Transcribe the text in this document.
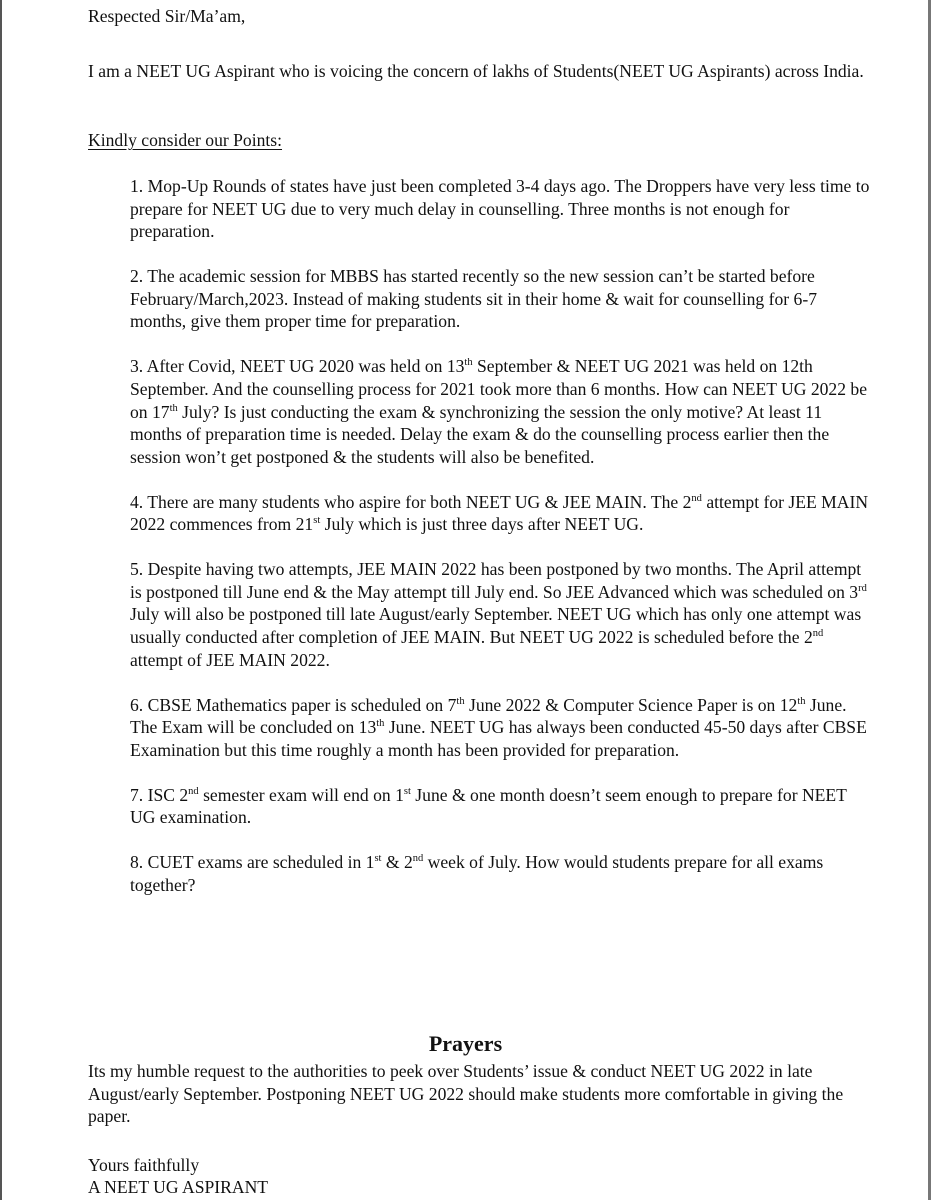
Respected Sir/Ma’am,

I am a NEET UG Aspirant who is voicing the concern of lakhs of Students(NEET UG Aspirants) across India.

Kindly consider our Points:

1. Mop-Up Rounds of states have just been completed 3-4 days ago. The Droppers have very less time to prepare for NEET UG due to very much delay in counselling. Three months is not enough for preparation.
2. The academic session for MBBS has started recently so the new session can’t be started before February/March,2023. Instead of making students sit in their home & wait for counselling for 6-7 months, give them proper time for preparation.
3. After Covid, NEET UG 2020 was held on 13th September & NEET UG 2021 was held on 12th September. And the counselling process for 2021 took more than 6 months. How can NEET UG 2022 be on 17th July? Is just conducting the exam & synchronizing the session the only motive? At least 11 months of preparation time is needed. Delay the exam & do the counselling process earlier then the session won’t get postponed & the students will also be benefited.
4. There are many students who aspire for both NEET UG & JEE MAIN. The 2nd attempt for JEE MAIN 2022 commences from 21st July which is just three days after NEET UG.
5. Despite having two attempts, JEE MAIN 2022 has been postponed by two months. The April attempt is postponed till June end & the May attempt till July end. So JEE Advanced which was scheduled on 3rd July will also be postponed till late August/early September. NEET UG which has only one attempt was usually conducted after completion of JEE MAIN. But NEET UG 2022 is scheduled before the 2nd attempt of JEE MAIN 2022.
6. CBSE Mathematics paper is scheduled on 7th June 2022 & Computer Science Paper is on 12th June. The Exam will be concluded on 13th June. NEET UG has always been conducted 45-50 days after CBSE Examination but this time roughly a month has been provided for preparation.
7. ISC 2nd semester exam will end on 1st June & one month doesn’t seem enough to prepare for NEET UG examination.
8. CUET exams are scheduled in 1st & 2nd week of July. How would students prepare for all exams together?

Prayers

Its my humble request to the authorities to peek over Students’ issue & conduct NEET UG 2022 in late August/early September. Postponing NEET UG 2022 should make students more comfortable in giving the paper.

Yours faithfully

A NEET UG ASPIRANT
